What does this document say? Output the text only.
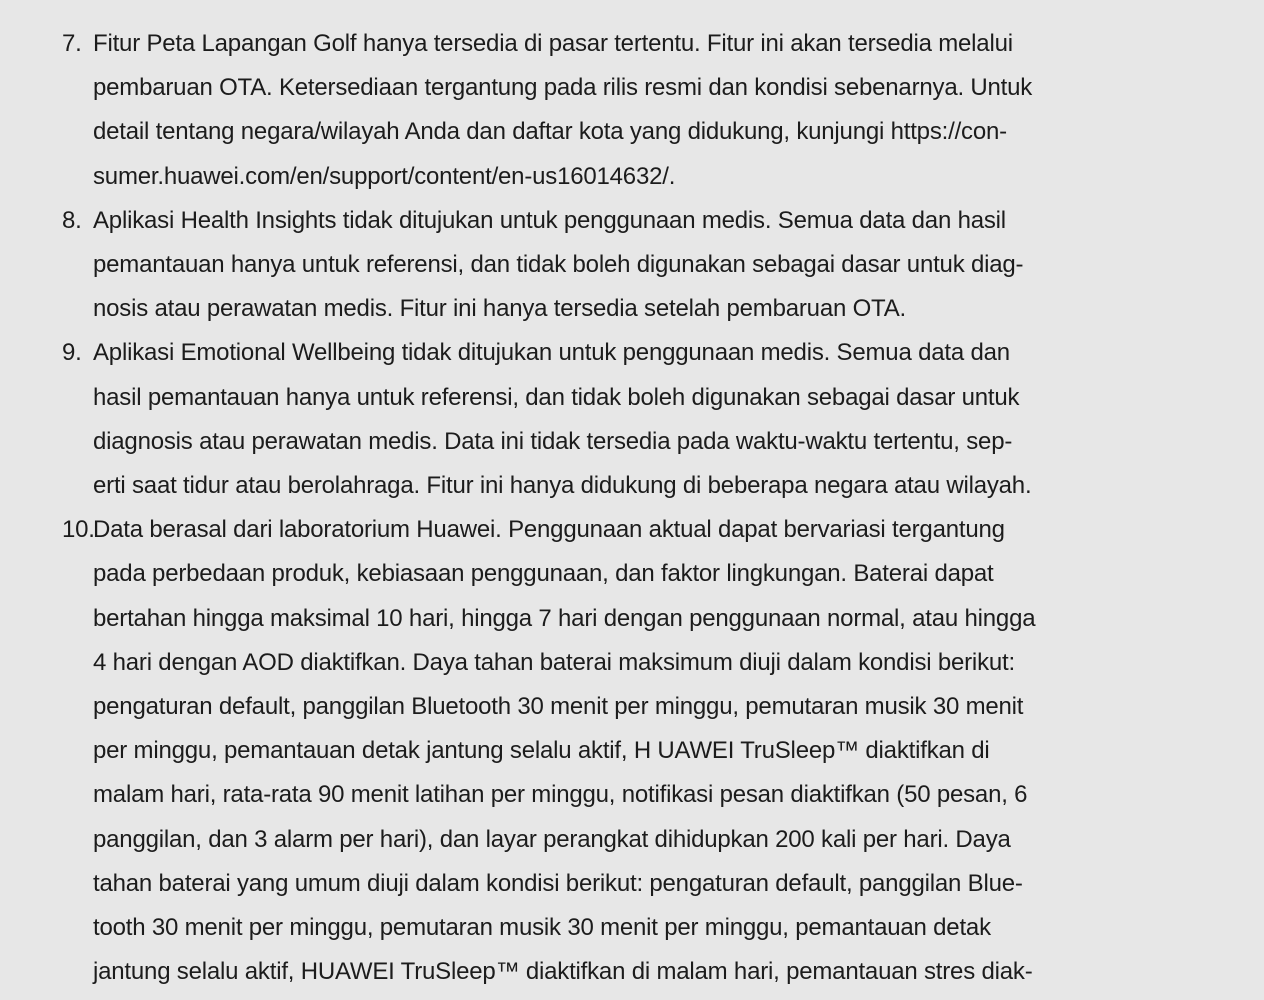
7. Fitur Peta Lapangan Golf hanya tersedia di pasar tertentu. Fitur ini akan tersedia melalui
pembaruan OTA. Ketersediaan tergantung pada rilis resmi dan kondisi sebenarnya. Untuk
detail tentang negara/wilayah Anda dan daftar kota yang didukung, kunjungi https://con-
sumer.huawei.com/en/support/content/en-us16014632/.
8. Aplikasi Health Insights tidak ditujukan untuk penggunaan medis. Semua data dan hasil
pemantauan hanya untuk referensi, dan tidak boleh digunakan sebagai dasar untuk diag-
nosis atau perawatan medis. Fitur ini hanya tersedia setelah pembaruan OTA.
9. Aplikasi Emotional Wellbeing tidak ditujukan untuk penggunaan medis. Semua data dan
hasil pemantauan hanya untuk referensi, dan tidak boleh digunakan sebagai dasar untuk
diagnosis atau perawatan medis. Data ini tidak tersedia pada waktu-waktu tertentu, sep-
erti saat tidur atau berolahraga. Fitur ini hanya didukung di beberapa negara atau wilayah.
10.
Data berasal dari laboratorium Huawei. Penggunaan aktual dapat bervariasi tergantung
pada perbedaan produk, kebiasaan penggunaan, dan faktor lingkungan. Baterai dapat
bertahan hingga maksimal 10 hari, hingga 7 hari dengan penggunaan normal, atau hingga
4 hari dengan AOD diaktifkan. Daya tahan baterai maksimum diuji dalam kondisi berikut:
pengaturan default, panggilan Bluetooth 30 menit per minggu, pemutaran musik 30 menit
per minggu, pemantauan detak jantung selalu aktif, H UAWEI TruSleep™ diaktifkan di
malam hari, rata-rata 90 menit latihan per minggu, notifikasi pesan diaktifkan (50 pesan, 6
panggilan, dan 3 alarm per hari), dan layar perangkat dihidupkan 200 kali per hari. Daya
tahan baterai yang umum diuji dalam kondisi berikut: pengaturan default, panggilan Blue-
tooth 30 menit per minggu, pemutaran musik 30 menit per minggu, pemantauan detak
jantung selalu aktif, HUAWEI TruSleep™ diaktifkan di malam hari, pemantauan stres diak-
